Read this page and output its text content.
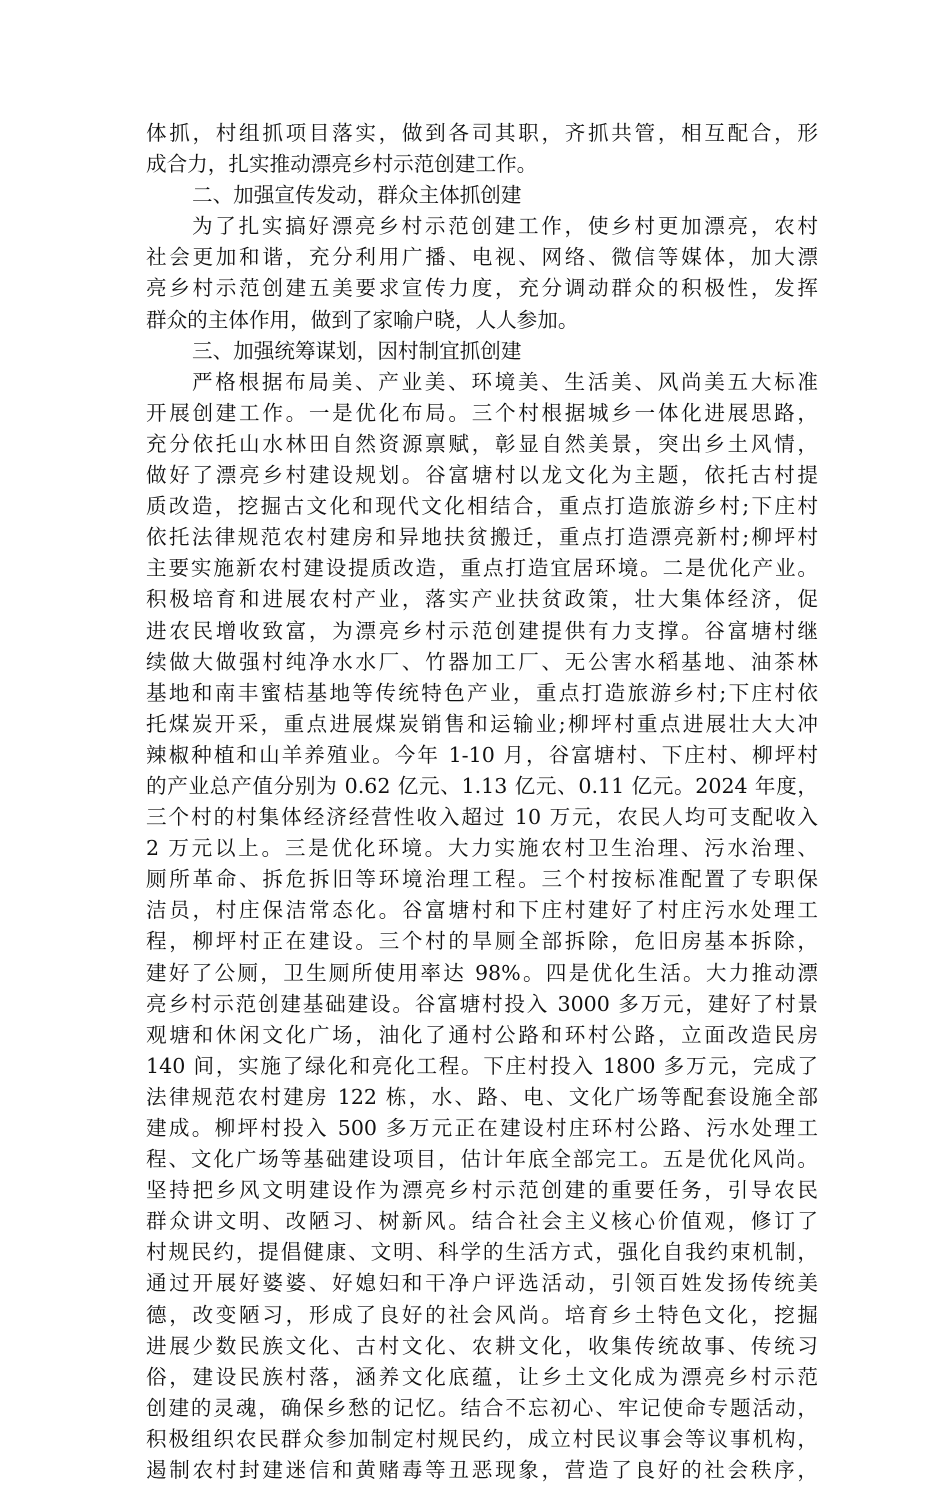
体抓，村组抓项目落实，做到各司其职，齐抓共管，相互配合，形
成合力，扎实推动漂亮乡村示范创建工作。
二、加强宣传发动，群众主体抓创建
为了扎实搞好漂亮乡村示范创建工作，使乡村更加漂亮，农村
社会更加和谐，充分利用广播、电视、网络、微信等媒体，加大漂
亮乡村示范创建五美要求宣传力度，充分调动群众的积极性，发挥
群众的主体作用，做到了家喻户晓，人人参加。
三、加强统筹谋划，因村制宜抓创建
严格根据布局美、产业美、环境美、生活美、风尚美五大标准
开展创建工作。一是优化布局。三个村根据城乡一体化进展思路，
充分依托山水林田自然资源禀赋，彰显自然美景，突出乡土风情，
做好了漂亮乡村建设规划。谷富塘村以龙文化为主题，依托古村提
质改造，挖掘古文化和现代文化相结合，重点打造旅游乡村;下庄村
依托法律规范农村建房和异地扶贫搬迁，重点打造漂亮新村;柳坪村
主要实施新农村建设提质改造，重点打造宜居环境。二是优化产业。
积极培育和进展农村产业，落实产业扶贫政策，壮大集体经济，促
进农民增收致富，为漂亮乡村示范创建提供有力支撑。谷富塘村继
续做大做强村纯净水水厂、竹器加工厂、无公害水稻基地、油茶林
基地和南丰蜜桔基地等传统特色产业，重点打造旅游乡村;下庄村依
托煤炭开采，重点进展煤炭销售和运输业;柳坪村重点进展壮大大冲
辣椒种植和山羊养殖业。今年 1-10 月，谷富塘村、下庄村、柳坪村
的产业总产值分别为 0.62 亿元、1.13 亿元、0.11 亿元。2024 年度，
三个村的村集体经济经营性收入超过 10 万元，农民人均可支配收入
2 万元以上。三是优化环境。大力实施农村卫生治理、污水治理、
厕所革命、拆危拆旧等环境治理工程。三个村按标准配置了专职保
洁员，村庄保洁常态化。谷富塘村和下庄村建好了村庄污水处理工
程，柳坪村正在建设。三个村的旱厕全部拆除，危旧房基本拆除，
建好了公厕，卫生厕所使用率达 98%。四是优化生活。大力推动漂
亮乡村示范创建基础建设。谷富塘村投入 3000 多万元，建好了村景
观塘和休闲文化广场，油化了通村公路和环村公路，立面改造民房
140 间，实施了绿化和亮化工程。下庄村投入 1800 多万元，完成了
法律规范农村建房 122 栋，水、路、电、文化广场等配套设施全部
建成。柳坪村投入 500 多万元正在建设村庄环村公路、污水处理工
程、文化广场等基础建设项目，估计年底全部完工。五是优化风尚。
坚持把乡风文明建设作为漂亮乡村示范创建的重要任务，引导农民
群众讲文明、改陋习、树新风。结合社会主义核心价值观，修订了
村规民约，提倡健康、文明、科学的生活方式，强化自我约束机制，
通过开展好婆婆、好媳妇和干净户评选活动，引领百姓发扬传统美
德，改变陋习，形成了良好的社会风尚。培育乡土特色文化，挖掘
进展少数民族文化、古村文化、农耕文化，收集传统故事、传统习
俗，建设民族村落，涵养文化底蕴，让乡土文化成为漂亮乡村示范
创建的灵魂，确保乡愁的记忆。结合不忘初心、牢记使命专题活动，
积极组织农民群众参加制定村规民约，成立村民议事会等议事机构，
遏制农村封建迷信和黄赌毒等丑恶现象，营造了良好的社会秩序，
